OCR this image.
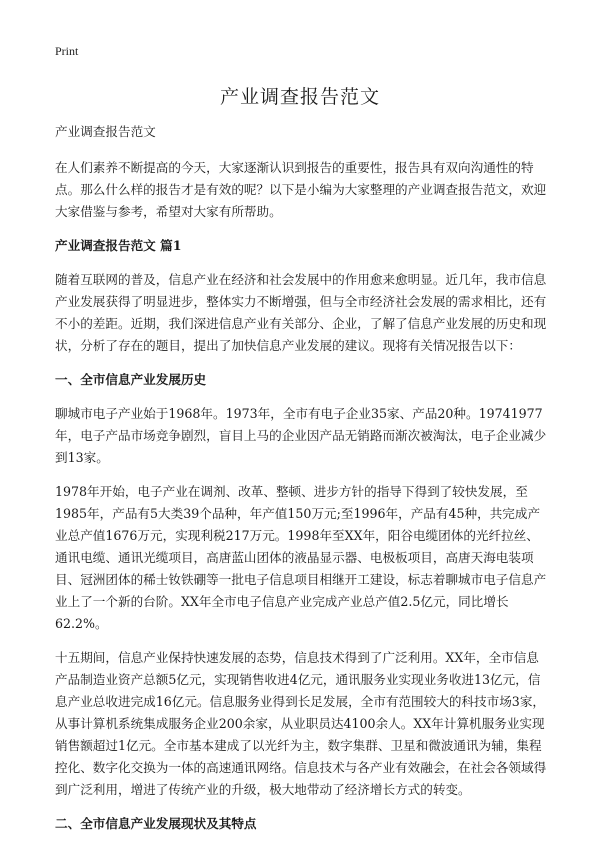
Print
产业调查报告范文

产业调查报告范文

在人们素养不断提高的今天，大家逐渐认识到报告的重要性，报告具有双向沟通性的特点。那么什么样的报告才是有效的呢？以下是小编为大家整理的产业调查报告范文，欢迎大家借鉴与参考，希望对大家有所帮助。

产业调查报告范文 篇1

随着互联网的普及，信息产业在经济和社会发展中的作用愈来愈明显。近几年，我市信息产业发展获得了明显进步，整体实力不断增强，但与全市经济社会发展的需求相比，还有不小的差距。近期，我们深进信息产业有关部分、企业，了解了信息产业发展的历史和现状，分析了存在的题目，提出了加快信息产业发展的建议。现将有关情况报告以下：

一、全市信息产业发展历史

聊城市电子产业始于1968年。1973年，全市有电子企业35家、产品20种。19741977年，电子产品市场竞争剧烈，盲目上马的企业因产品无销路而渐次被淘汰，电子企业减少到13家。

1978年开始，电子产业在调剂、改革、整顿、进步方针的指导下得到了较快发展，至1985年，产品有5大类39个品种，年产值150万元;至1996年，产品有45种，共完成产业总产值1676万元，实现利税217万元。1998年至XX年，阳谷电缆团体的光纤拉丝、通讯电缆、通讯光缆项目，高唐蓝山团体的液晶显示器、电极板项目，高唐天海电装项目、冠洲团体的稀士钕铁硼等一批电子信息项目相继开工建设，标志着聊城市电子信息产业上了一个新的台阶。XX年全市电子信息产业完成产业总产值2.5亿元，同比增长62.2%。

十五期间，信息产业保持快速发展的态势，信息技术得到了广泛利用。XX年，全市信息产品制造业资产总额5亿元，实现销售收进4亿元，通讯服务业实现业务收进13亿元，信息产业总收进完成16亿元。信息服务业得到长足发展，全市有范围较大的科技市场3家，从事计算机系统集成服务企业200余家，从业职员达4100余人。XX年计算机服务业实现销售额超过1亿元。全市基本建成了以光纤为主，数字集群、卫星和微波通讯为辅，集程控化、数字化交换为一体的高速通讯网络。信息技术与各产业有效融会，在社会各领域得到广泛利用，增进了传统产业的升级，极大地带动了经济增长方式的转变。

二、全市信息产业发展现状及其特点
